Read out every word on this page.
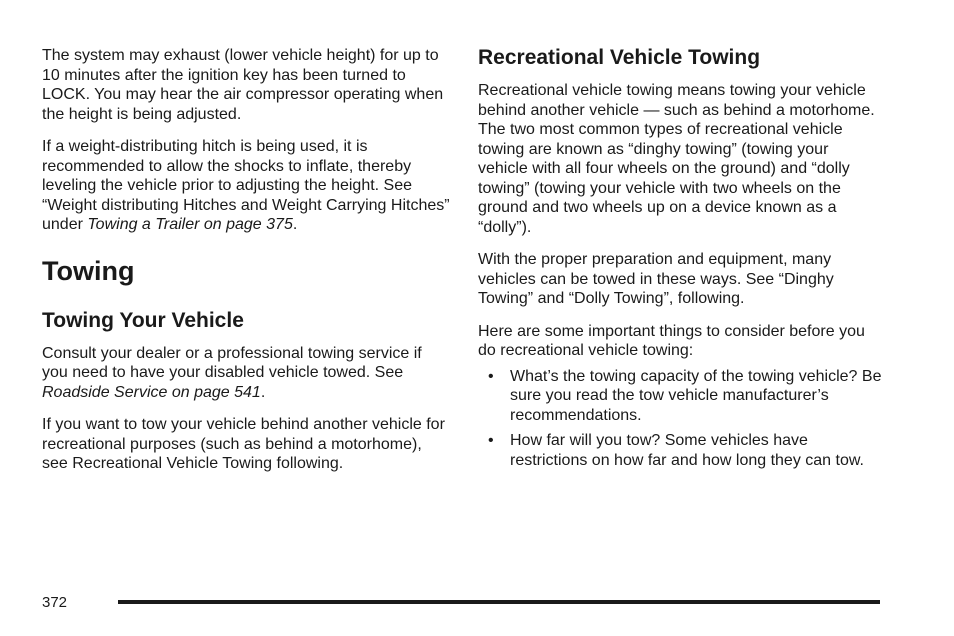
The system may exhaust (lower vehicle height) for up to 10 minutes after the ignition key has been turned to LOCK. You may hear the air compressor operating when the height is being adjusted.

If a weight-distributing hitch is being used, it is recommended to allow the shocks to inflate, thereby leveling the vehicle prior to adjusting the height. See “Weight distributing Hitches and Weight Carrying Hitches” under Towing a Trailer on page 375.

Towing
Towing Your Vehicle

Consult your dealer or a professional towing service if you need to have your disabled vehicle towed. See Roadside Service on page 541.

If you want to tow your vehicle behind another vehicle for recreational purposes (such as behind a motorhome), see Recreational Vehicle Towing following.

Recreational Vehicle Towing

Recreational vehicle towing means towing your vehicle behind another vehicle — such as behind a motorhome. The two most common types of recreational vehicle towing are known as “dinghy towing” (towing your vehicle with all four wheels on the ground) and “dolly towing” (towing your vehicle with two wheels on the ground and two wheels up on a device known as a “dolly”).

With the proper preparation and equipment, many vehicles can be towed in these ways. See “Dinghy Towing” and “Dolly Towing”, following.

Here are some important things to consider before you do recreational vehicle towing:

• What’s the towing capacity of the towing vehicle? Be sure you read the tow vehicle manufacturer’s recommendations.
• How far will you tow? Some vehicles have restrictions on how far and how long they can tow.
372
